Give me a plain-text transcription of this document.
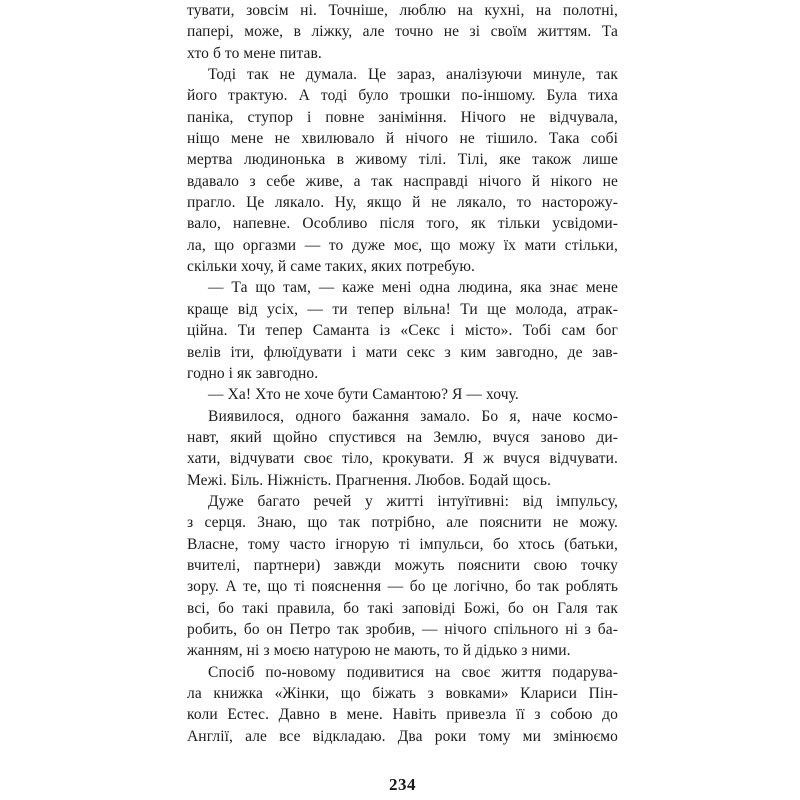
тувати, зовсім ні. Точніше, люблю на кухні, на полотні,
папері, може, в ліжку, але точно не зі своїм життям. Та
хто б то мене питав.
Тоді так не думала. Це зараз, аналізуючи минуле, так
його трактую. А тоді було трошки по-іншому. Була тиха
паніка, ступор і повне заніміння. Нічого не відчувала,
ніщо мене не хвилювало й нічого не тішило. Така собі
мертва людинонька в живому тілі. Тілі, яке також лише
вдавало з себе живе, а так насправді нічого й нікого не
прагло. Це лякало. Ну, якщо й не лякало, то насторожу-
вало, напевне. Особливо після того, як тільки усвідоми-
ла, що оргазми — то дуже моє, що можу їх мати стільки,
скільки хочу, й саме таких, яких потребую.
— Та що там, — каже мені одна людина, яка знає мене
краще від усіх, — ти тепер вільна! Ти ще молода, атрак-
ційна. Ти тепер Саманта із «Секс і місто». Тобі сам бог
велів іти, флюїдувати і мати секс з ким завгодно, де зав-
годно і як завгодно.
— Ха! Хто не хоче бути Самантою? Я — хочу.
Виявилося, одного бажання замало. Бо я, наче космо-
навт, який щойно спустився на Землю, вчуся заново ди-
хати, відчувати своє тіло, крокувати. Я ж вчуся відчувати.
Межі. Біль. Ніжність. Прагнення. Любов. Бодай щось.
Дуже багато речей у житті інтуїтивні: від імпульсу,
з серця. Знаю, що так потрібно, але пояснити не можу.
Власне, тому часто ігнорую ті імпульси, бо хтось (батьки,
вчителі, партнери) завжди можуть пояснити свою точку
зору. А те, що ті пояснення — бо це логічно, бо так роблять
всі, бо такі правила, бо такі заповіді Божі, бо он Галя так
робить, бо он Петро так зробив, — нічого спільного ні з ба-
жанням, ні з моєю натурою не мають, то й дідько з ними.
Спосіб по-новому подивитися на своє життя подарува-
ла книжка «Жінки, що біжать з вовками» Клариси Пін-
коли Естес. Давно в мене. Навіть привезла її з собою до
Англії, але все відкладаю. Два роки тому ми змінюємо
234
